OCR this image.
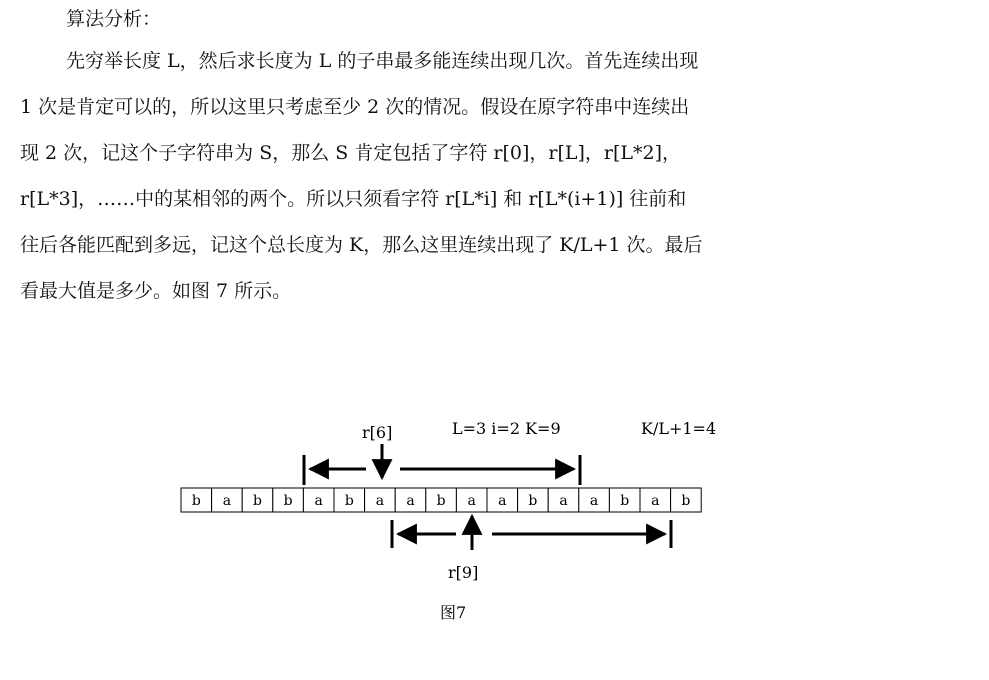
算法分析：
先穷举长度 L，然后求长度为 L 的子串最多能连续出现几次。首先连续出现
1 次是肯定可以的，所以这里只考虑至少 2 次的情况。假设在原字符串中连续出
现 2 次，记这个子字符串为 S，那么 S 肯定包括了字符 r[0]，r[L]，r[L*2]，
r[L*3]，……中的某相邻的两个。所以只须看字符 r[L*i] 和 r[L*(i+1)] 往前和
往后各能匹配到多远，记这个总长度为 K，那么这里连续出现了 K/L+1 次。最后
看最大值是多少。如图 7 所示。
r[6]	L=3 i=2 K=9	K/L+1=4
b a b b a b a a b a a b a a b a b
r[9]
图7
